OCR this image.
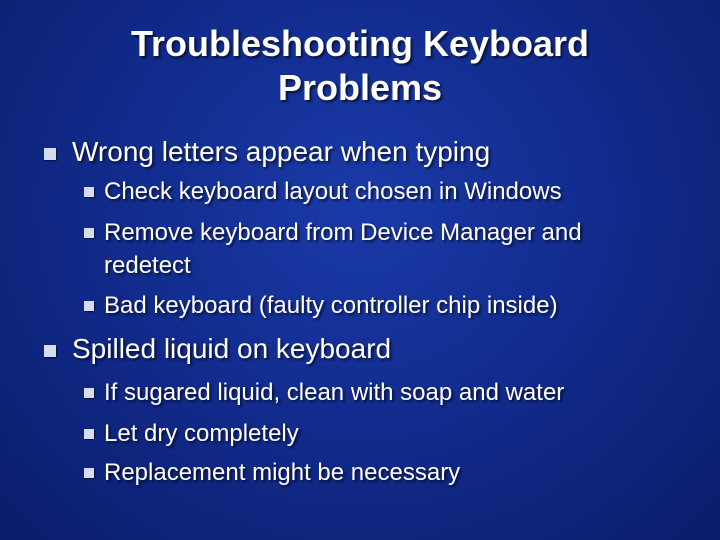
Troubleshooting Keyboard
Problems
Wrong letters appear when typing
Check keyboard layout chosen in Windows
Remove keyboard from Device Manager and
redetect
Bad keyboard (faulty controller chip inside)
Spilled liquid on keyboard
If sugared liquid, clean with soap and water
Let dry completely
Replacement might be necessary
